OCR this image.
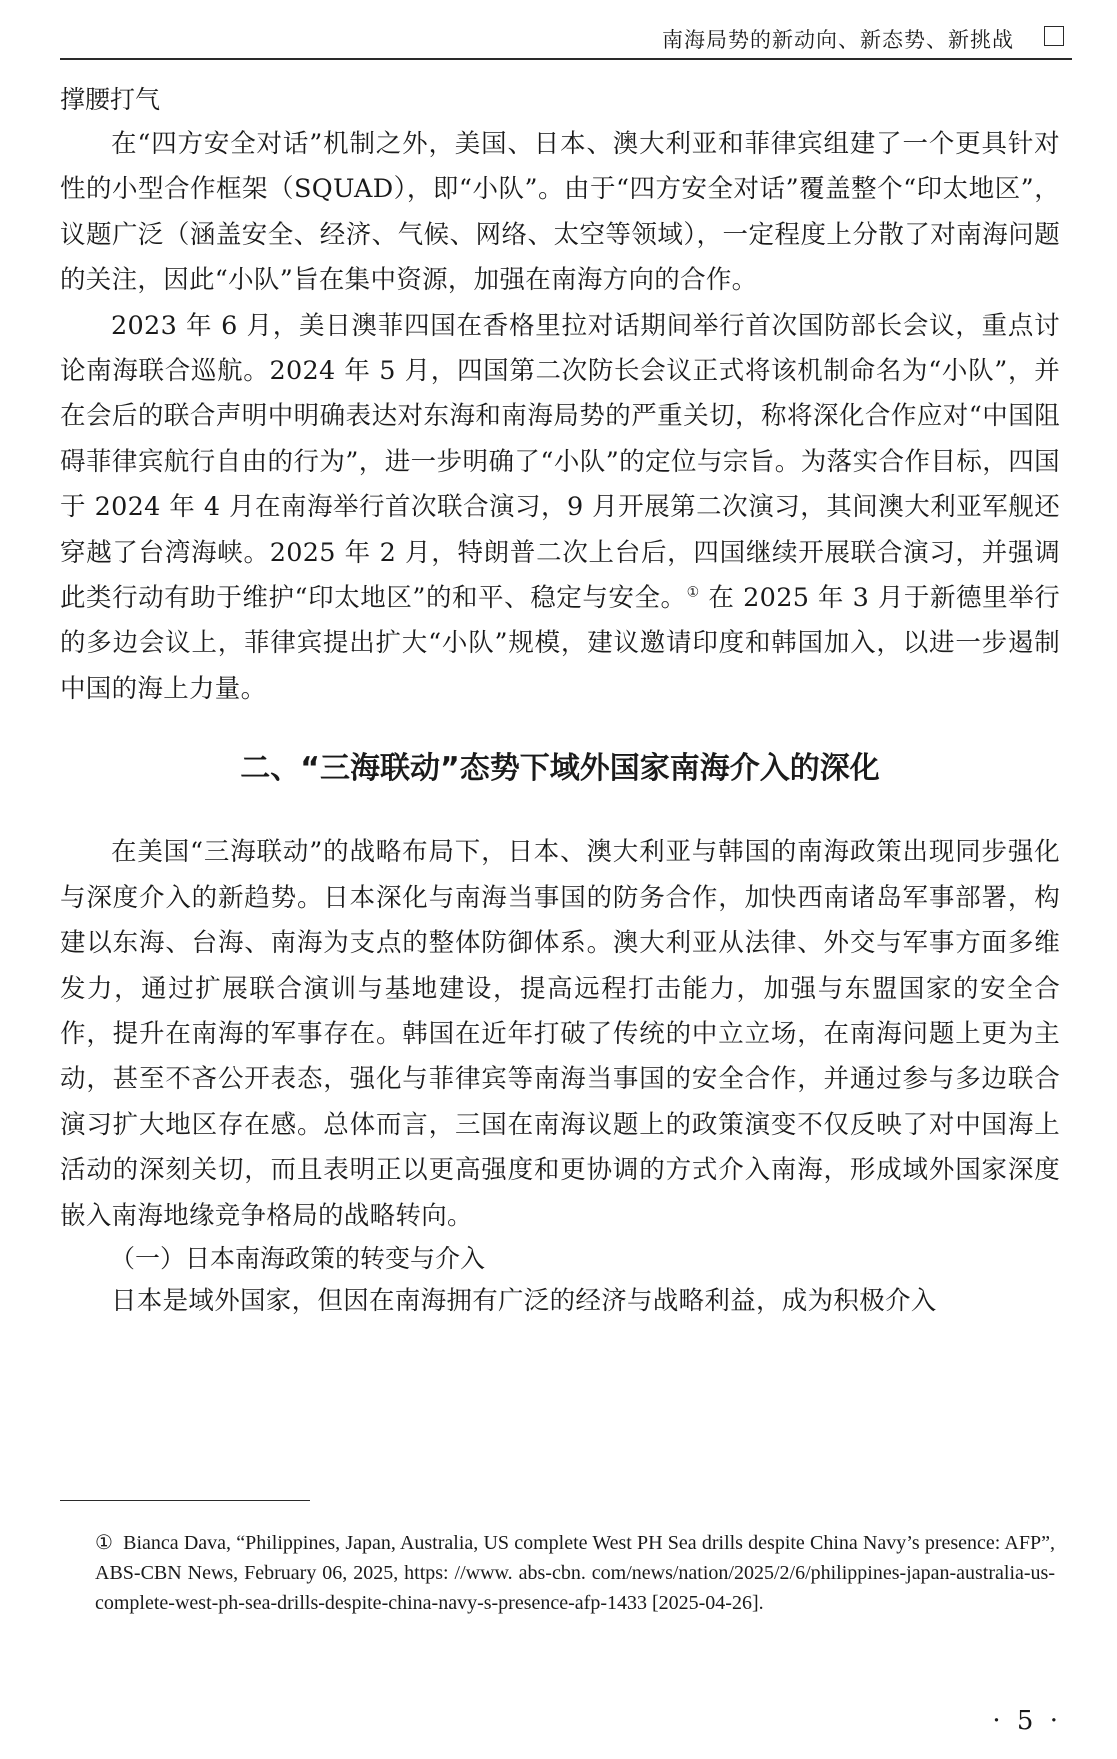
南海局势的新动向、新态势、新挑战
撑腰打气

在“四方安全对话”机制之外，美国、日本、澳大利亚和菲律宾组建了一个更具针对性的小型合作框架（SQUAD），即“小队”。由于“四方安全对话”覆盖整个“印太地区”，议题广泛（涵盖安全、经济、气候、网络、太空等领域），一定程度上分散了对南海问题的关注，因此“小队”旨在集中资源，加强在南海方向的合作。

2023 年 6 月，美日澳菲四国在香格里拉对话期间举行首次国防部长会议，重点讨论南海联合巡航。2024 年 5 月，四国第二次防长会议正式将该机制命名为“小队”，并在会后的联合声明中明确表达对东海和南海局势的严重关切，称将深化合作应对“中国阻碍菲律宾航行自由的行为”，进一步明确了“小队”的定位与宗旨。为落实合作目标，四国于 2024 年 4 月在南海举行首次联合演习，9 月开展第二次演习，其间澳大利亚军舰还穿越了台湾海峡。2025 年 2 月，特朗普二次上台后，四国继续开展联合演习，并强调此类行动有助于维护“印太地区”的和平、稳定与安全。① 在 2025 年 3 月于新德里举行的多边会议上，菲律宾提出扩大“小队”规模，建议邀请印度和韩国加入，以进一步遏制中国的海上力量。

二、“三海联动”态势下域外国家南海介入的深化

在美国“三海联动”的战略布局下，日本、澳大利亚与韩国的南海政策出现同步强化与深度介入的新趋势。日本深化与南海当事国的防务合作，加快西南诸岛军事部署，构建以东海、台海、南海为支点的整体防御体系。澳大利亚从法律、外交与军事方面多维发力，通过扩展联合演训与基地建设，提高远程打击能力，加强与东盟国家的安全合作，提升在南海的军事存在。韩国在近年打破了传统的中立立场，在南海问题上更为主动，甚至不吝公开表态，强化与菲律宾等南海当事国的安全合作，并通过参与多边联合演习扩大地区存在感。总体而言，三国在南海议题上的政策演变不仅反映了对中国海上活动的深刻关切，而且表明正以更高强度和更协调的方式介入南海，形成域外国家深度嵌入南海地缘竞争格局的战略转向。

（一）日本南海政策的转变与介入

日本是域外国家，但因在南海拥有广泛的经济与战略利益，成为积极介入

① Bianca Dava, “Philippines, Japan, Australia, US complete West PH Sea drills despite China Navy’s presence: AFP”, ABS-CBN News, February 06, 2025, https: //www. abs-cbn. com/news/nation/2025/2/6/philippines-japan-australia-us-complete-west-ph-sea-drills-despite-china-navy-s-presence-afp-1433 [2025-04-26].
· 5 ·
